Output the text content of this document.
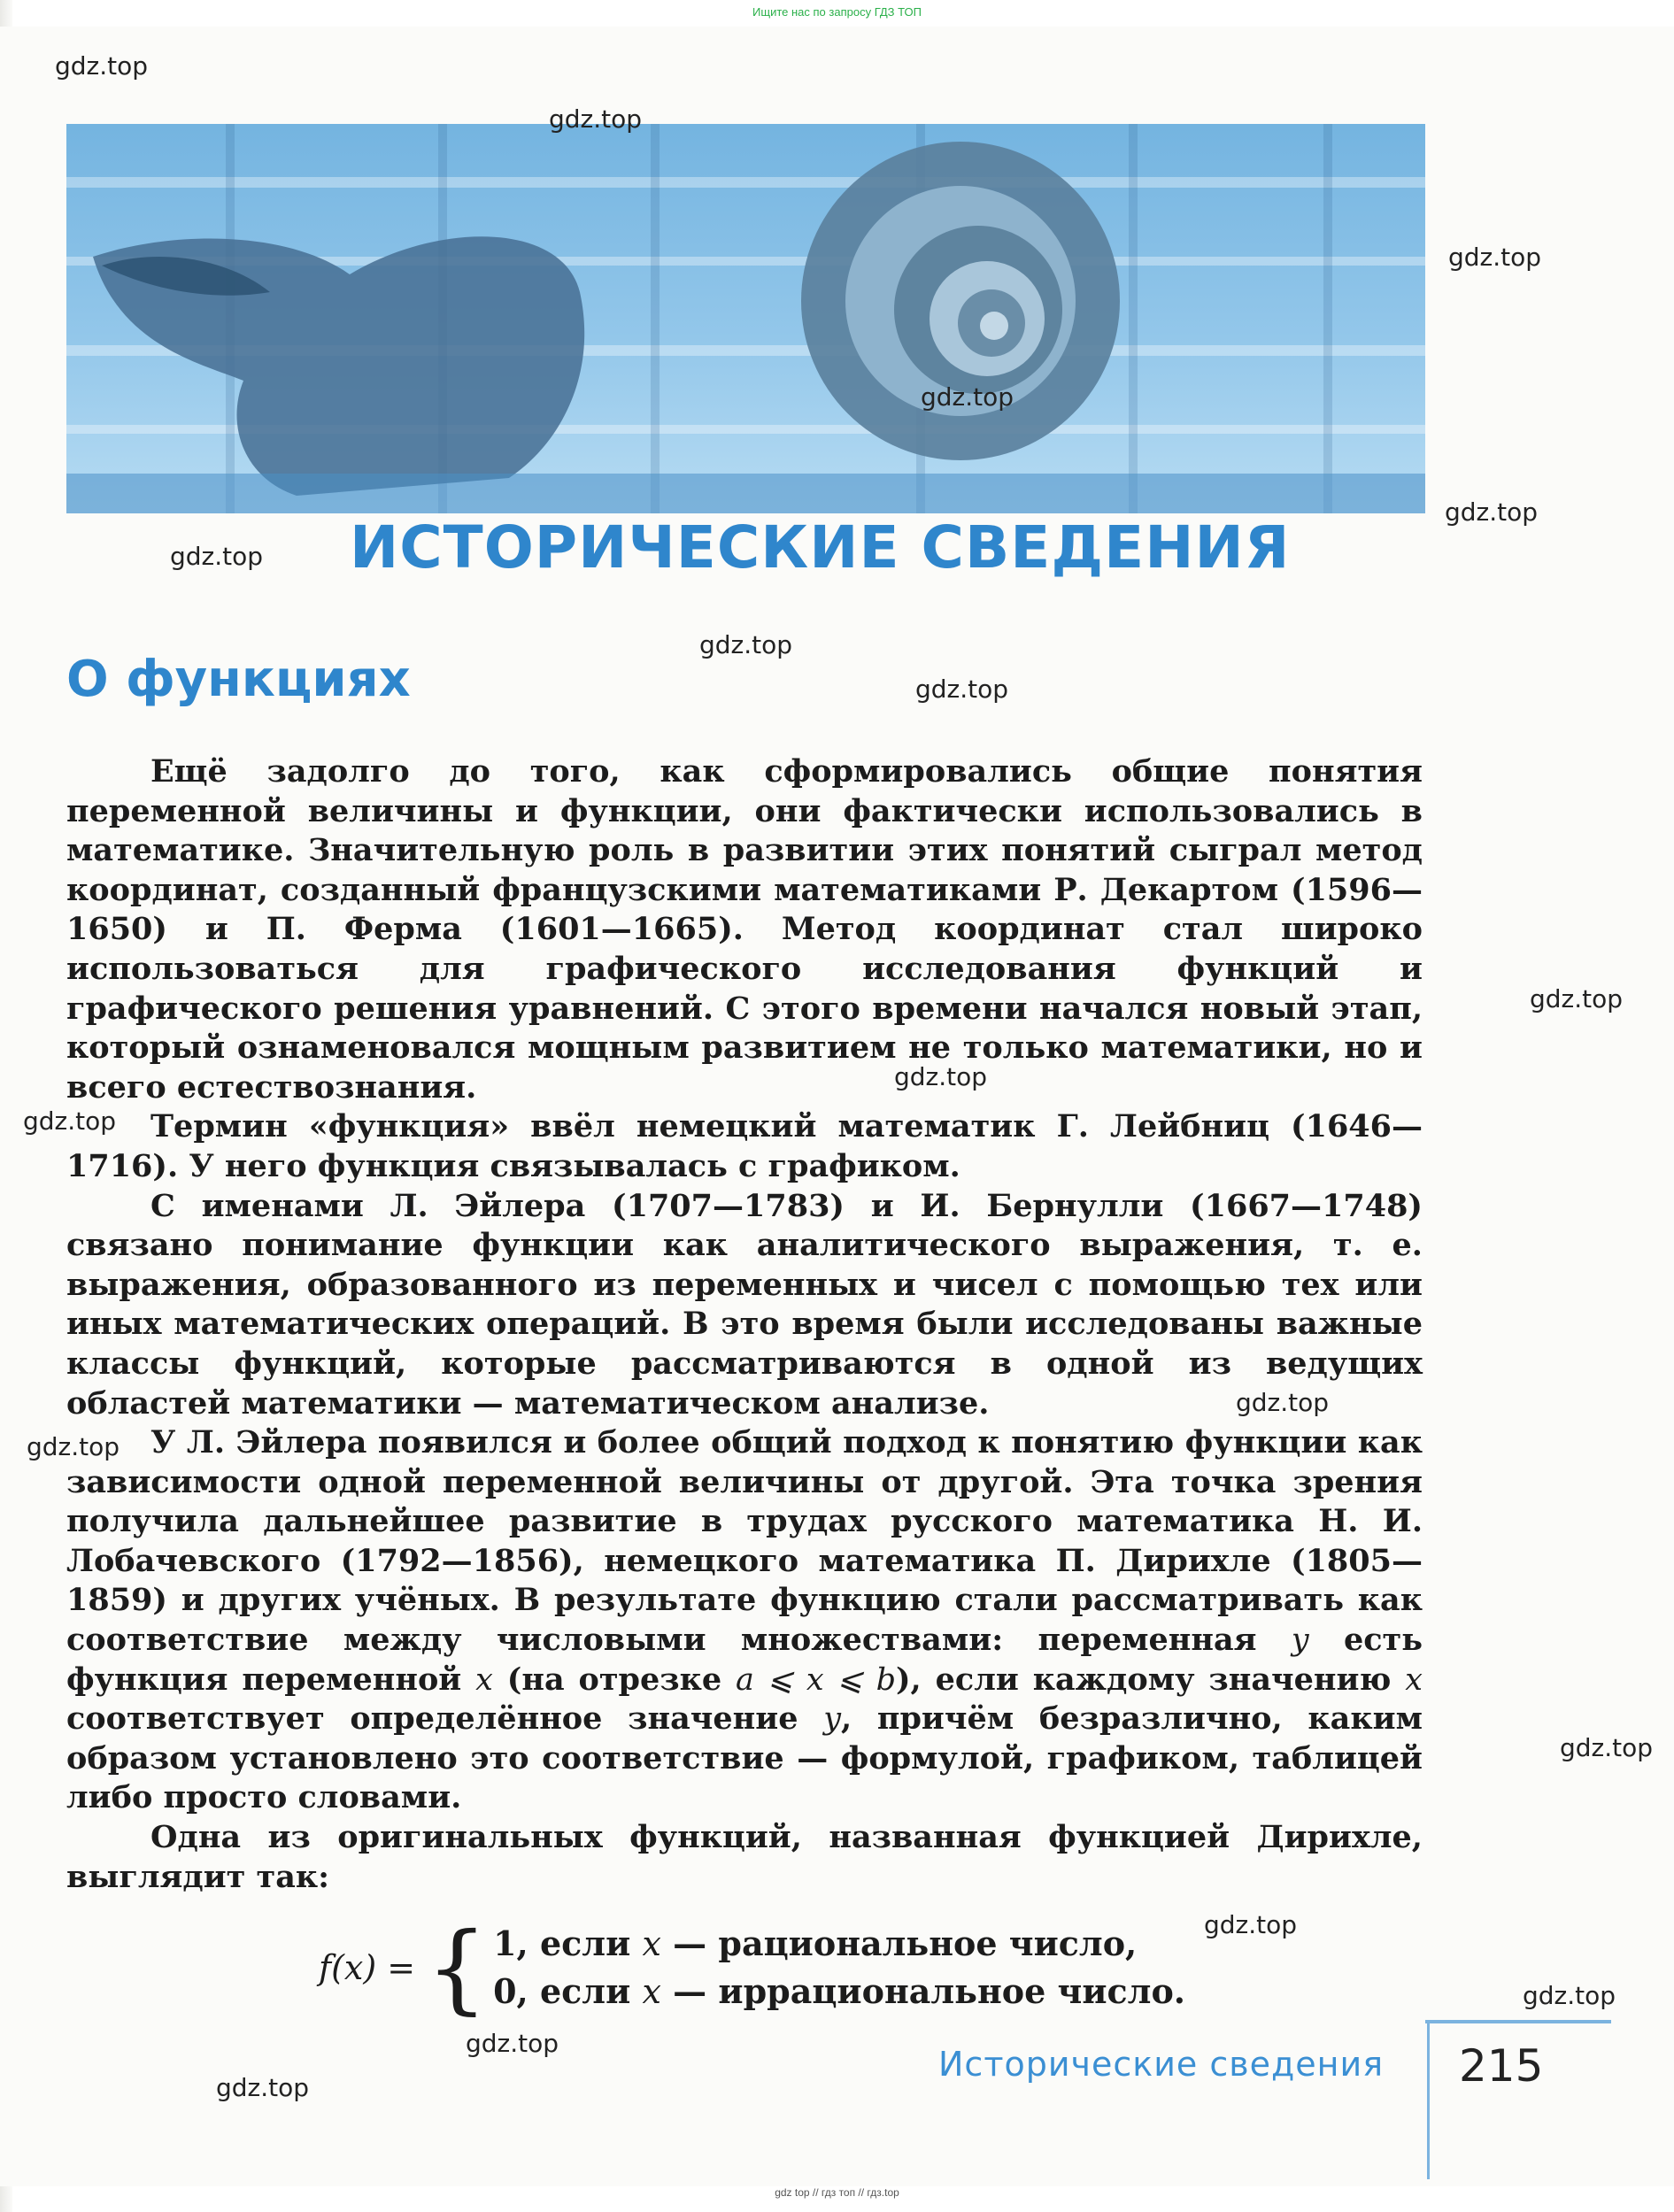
Ищите нас по запросу ГДЗ ТОП
ИСТОРИЧЕСКИЕ СВЕДЕНИЯ
О функциях

Ещё задолго до того, как сформировались общие понятия переменной величины и функции, они фактически использовались в математике. Значительную роль в развитии этих понятий сыграл метод координат, созданный французскими математиками Р. Декартом (1596—1650) и П. Ферма (1601—1665). Метод координат стал широко использоваться для графического исследования функций и графического решения уравнений. С этого времени начался новый этап, который ознаменовался мощным развитием не только математики, но и всего естествознания.

Термин «функция» ввёл немецкий математик Г. Лейбниц (1646—1716). У него функция связывалась с графиком.

С именами Л. Эйлера (1707—1783) и И. Бернулли (1667—1748) связано понимание функции как аналитического выражения, т. е. выражения, образованного из переменных и чисел с помощью тех или иных математических операций. В это время были исследованы важные классы функций, которые рассматриваются в одной из ведущих областей математики — математическом анализе.

У Л. Эйлера появился и более общий подход к понятию функции как зависимости одной переменной величины от другой. Эта точка зрения получила дальнейшее развитие в трудах русского математика Н. И. Лобачевского (1792—1856), немецкого математика П. Дирихле (1805—1859) и других учёных. В результате функцию стали рассматривать как соответствие между числовыми множествами: переменная y есть функция переменной x (на отрезке a ⩽ x ⩽ b), если каждому значению x соответствует определённое значение y, причём безразлично, каким образом установлено это соответствие — формулой, графиком, таблицей либо просто словами.

Одна из оригинальных функций, названная функцией Дирихле, выглядит так:

f(x) = { 1, если x — рациональное число,
0, если x — иррациональное число.
Исторические сведения 215
gdz.top
gdz.top
gdz.top
gdz.top
gdz.top
gdz.top
gdz.top
gdz.top
gdz.top
gdz.top
gdz.top
gdz.top
gdz.top
gdz.top
gdz.top
gdz.top
gdz.top
gdz.top
gdz top // гдз топ // гдз.top
